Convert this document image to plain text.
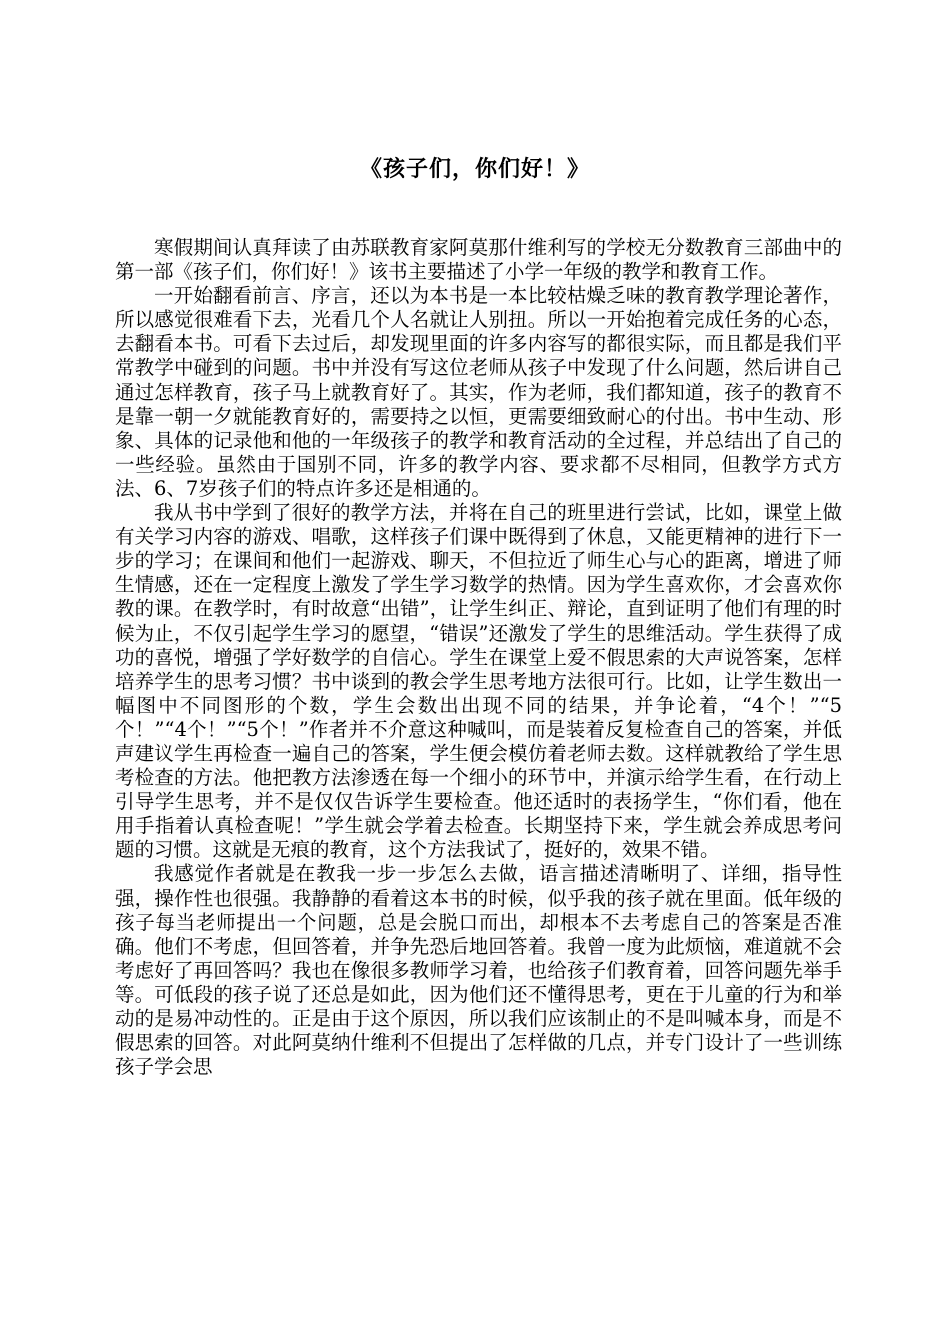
《孩子们，你们好！》

寒假期间认真拜读了由苏联教育家阿莫那什维利写的学校无分数教育三部曲中的第一部《孩子们，你们好！》该书主要描述了小学一年级的教学和教育工作。

一开始翻看前言、序言，还以为本书是一本比较枯燥乏味的教育教学理论著作，所以感觉很难看下去，光看几个人名就让人别扭。所以一开始抱着完成任务的心态，去翻看本书。可看下去过后，却发现里面的许多内容写的都很实际，而且都是我们平常教学中碰到的问题。书中并没有写这位老师从孩子中发现了什么问题，然后讲自己通过怎样教育，孩子马上就教育好了。其实，作为老师，我们都知道，孩子的教育不是靠一朝一夕就能教育好的，需要持之以恒，更需要细致耐心的付出。书中生动、形象、具体的记录他和他的一年级孩子的教学和教育活动的全过程，并总结出了自己的一些经验。虽然由于国别不同，许多的教学内容、要求都不尽相同，但教学方式方法、6、7岁孩子们的特点许多还是相通的。

我从书中学到了很好的教学方法，并将在自己的班里进行尝试，比如，课堂上做有关学习内容的游戏、唱歌，这样孩子们课中既得到了休息，又能更精神的进行下一步的学习；在课间和他们一起游戏、聊天，不但拉近了师生心与心的距离，增进了师生情感，还在一定程度上激发了学生学习数学的热情。因为学生喜欢你，才会喜欢你教的课。在教学时，有时故意“出错”，让学生纠正、辩论，直到证明了他们有理的时候为止，不仅引起学生学习的愿望，“错误”还激发了学生的思维活动。学生获得了成功的喜悦，增强了学好数学的自信心。学生在课堂上爱不假思索的大声说答案，怎样培养学生的思考习惯？书中谈到的教会学生思考地方法很可行。比如，让学生数出一幅图中不同图形的个数，学生会数出出现不同的结果，并争论着，“4个！”“5个！”“4个！”“5个！”作者并不介意这种喊叫，而是装着反复检查自己的答案，并低声建议学生再检查一遍自己的答案，学生便会模仿着老师去数。这样就教给了学生思考检查的方法。他把教方法渗透在每一个细小的环节中，并演示给学生看，在行动上引导学生思考，并不是仅仅告诉学生要检查。他还适时的表扬学生，“你们看，他在用手指着认真检查呢！”学生就会学着去检查。长期坚持下来，学生就会养成思考问题的习惯。这就是无痕的教育，这个方法我试了，挺好的，效果不错。

我感觉作者就是在教我一步一步怎么去做，语言描述清晰明了、详细，指导性强，操作性也很强。我静静的看着这本书的时候，似乎我的孩子就在里面。低年级的孩子每当老师提出一个问题，总是会脱口而出，却根本不去考虑自己的答案是否准确。他们不考虑，但回答着，并争先恐后地回答着。我曾一度为此烦恼，难道就不会考虑好了再回答吗？我也在像很多教师学习着，也给孩子们教育着，回答问题先举手等。可低段的孩子说了还总是如此，因为他们还不懂得思考，更在于儿童的行为和举动的是易冲动性的。正是由于这个原因，所以我们应该制止的不是叫喊本身，而是不假思索的回答。对此阿莫纳什维利不但提出了怎样做的几点，并专门设计了一些训练孩子学会思
